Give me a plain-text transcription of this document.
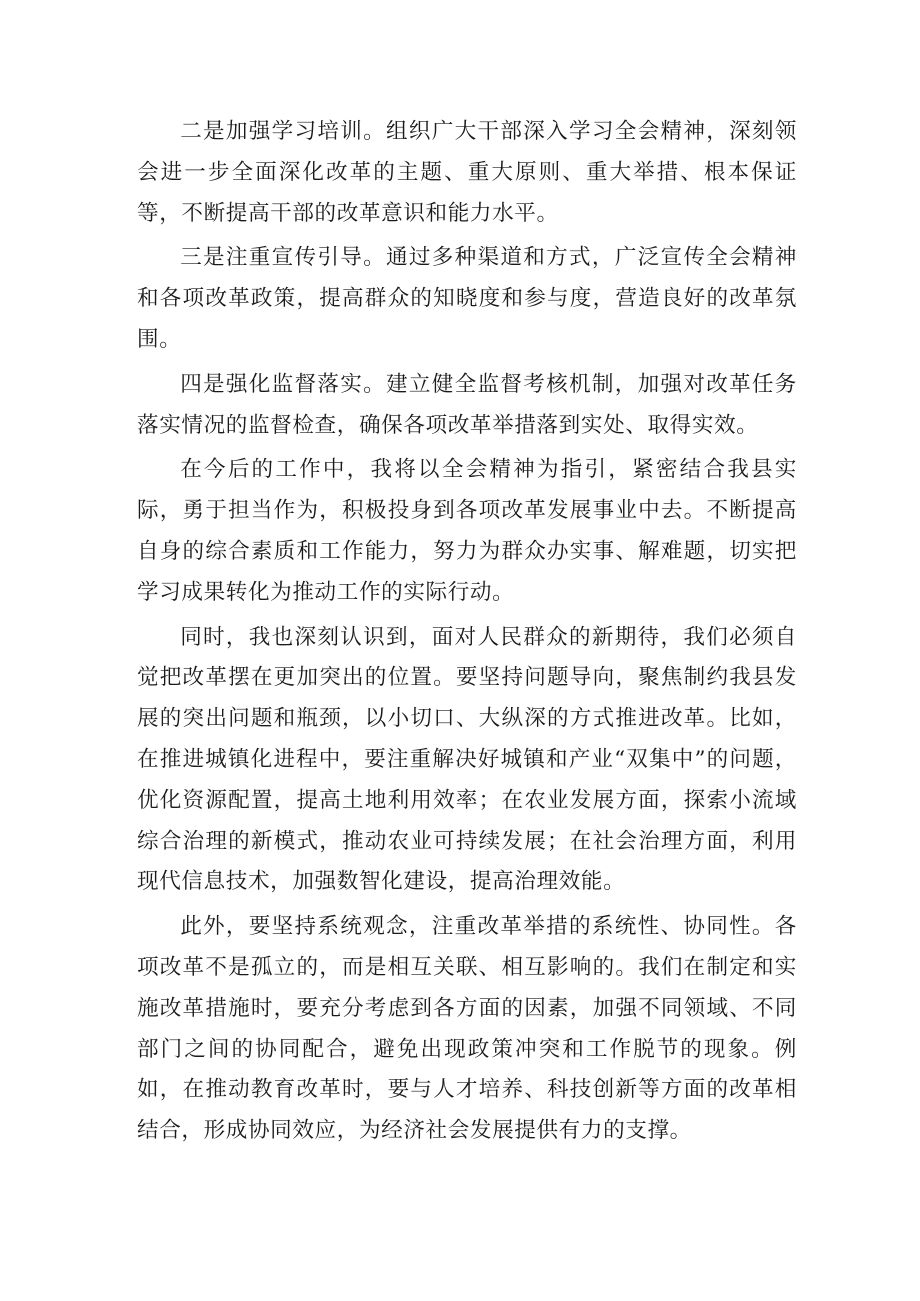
二是加强学习培训。组织广大干部深入学习全会精神，深刻领会进一步全面深化改革的主题、重大原则、重大举措、根本保证等，不断提高干部的改革意识和能力水平。

三是注重宣传引导。通过多种渠道和方式，广泛宣传全会精神和各项改革政策，提高群众的知晓度和参与度，营造良好的改革氛围。

四是强化监督落实。建立健全监督考核机制，加强对改革任务落实情况的监督检查，确保各项改革举措落到实处、取得实效。

在今后的工作中，我将以全会精神为指引，紧密结合我县实际，勇于担当作为，积极投身到各项改革发展事业中去。不断提高自身的综合素质和工作能力，努力为群众办实事、解难题，切实把学习成果转化为推动工作的实际行动。

同时，我也深刻认识到，面对人民群众的新期待，我们必须自觉把改革摆在更加突出的位置。要坚持问题导向，聚焦制约我县发展的突出问题和瓶颈，以小切口、大纵深的方式推进改革。比如，在推进城镇化进程中，要注重解决好城镇和产业“双集中”的问题，优化资源配置，提高土地利用效率；在农业发展方面，探索小流域综合治理的新模式，推动农业可持续发展；在社会治理方面，利用现代信息技术，加强数智化建设，提高治理效能。

此外，要坚持系统观念，注重改革举措的系统性、协同性。各项改革不是孤立的，而是相互关联、相互影响的。我们在制定和实施改革措施时，要充分考虑到各方面的因素，加强不同领域、不同部门之间的协同配合，避免出现政策冲突和工作脱节的现象。例如，在推动教育改革时，要与人才培养、科技创新等方面的改革相结合，形成协同效应，为经济社会发展提供有力的支撑。
